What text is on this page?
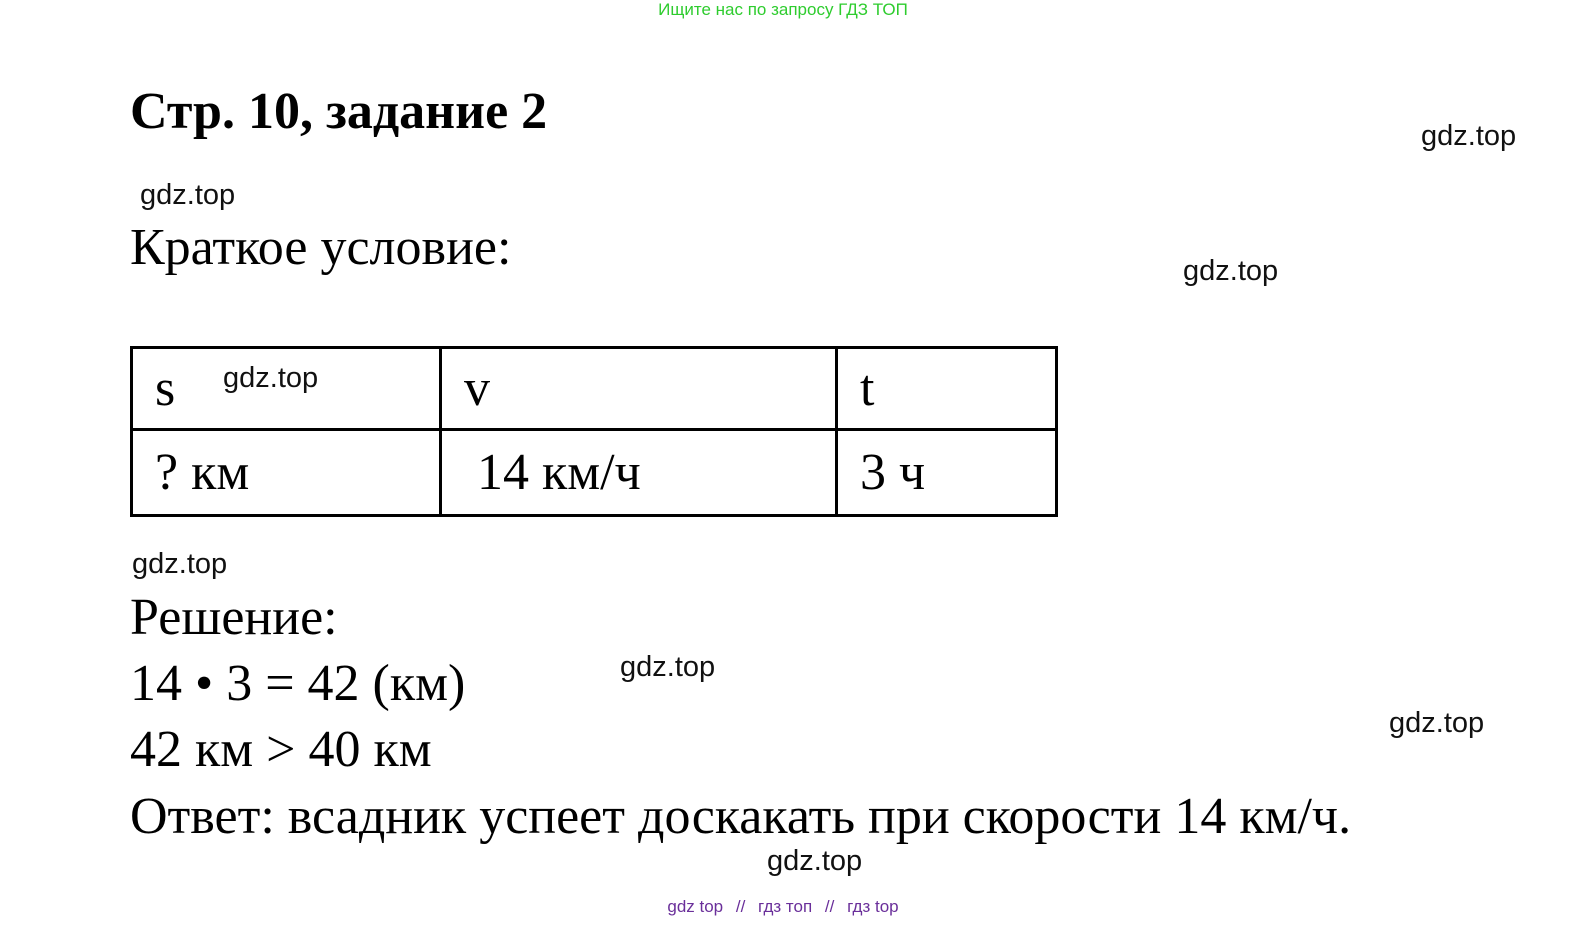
Ищите нас по запросу ГДЗ ТОП
Стр. 10, задание 2	gdz.top
gdz.top
Краткое условие:	gdz.top
s	v	t
? км	14 км/ч	3 ч
gdz.top
gdz.top
Решение:
gdz.top
14 • 3 = 42 (км)
gdz.top
42 км > 40 км
Ответ: всадник успеет доскакать при скорости 14 км/ч.
gdz.top
gdz top // гдз топ // гдз top
